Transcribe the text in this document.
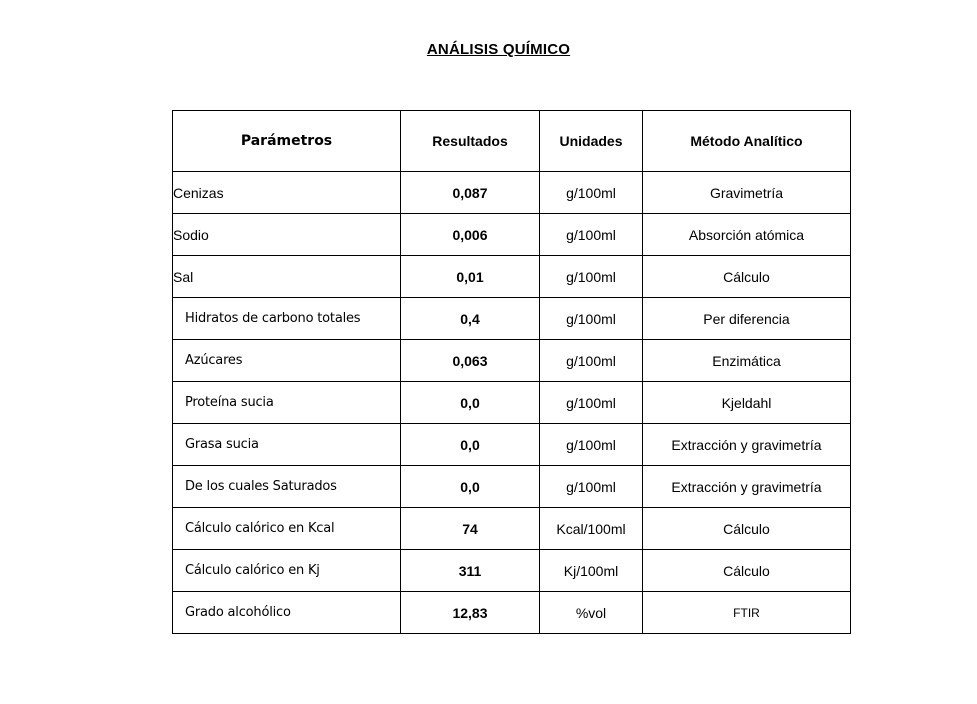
ANÁLISIS QUÍMICO
Parámetros	Resultados	Unidades	Método Analítico
Cenizas	0,087	g/100ml	Gravimetría
Sodio	0,006	g/100ml	Absorción atómica
Sal	0,01	g/100ml	Cálculo
Hidratos de carbono totales	0,4	g/100ml	Per diferencia
Azúcares	0,063	g/100ml	Enzimática
Proteína sucia	0,0	g/100ml	Kjeldahl
Grasa sucia	0,0	g/100ml	Extracción y gravimetría
De los cuales Saturados	0,0	g/100ml	Extracción y gravimetría
Cálculo calórico en Kcal	74	Kcal/100ml	Cálculo
Cálculo calórico en Kj	311	Kj/100ml	Cálculo
Grado alcohólico	12,83	%vol	FTIR
